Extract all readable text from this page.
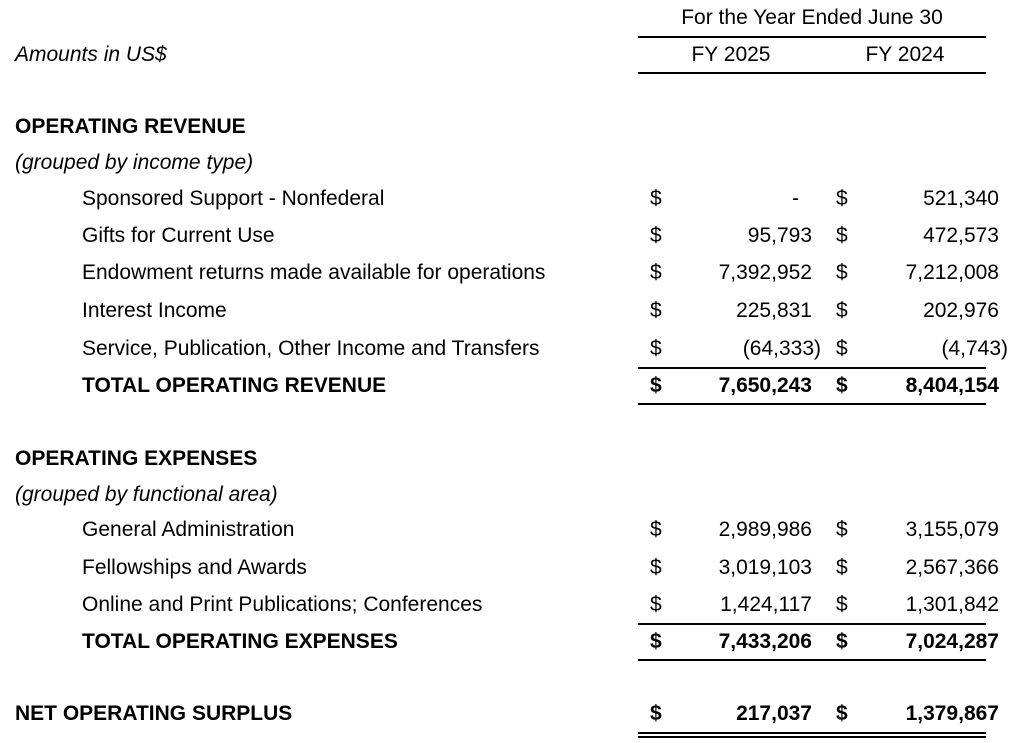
For the Year Ended June 30
Amounts in US$	FY 2025	FY 2024
OPERATING REVENUE
(grouped by income type)
Sponsored Support - Nonfederal	$	- $	521,340
Gifts for Current Use	$	95,793 $	472,573
Endowment returns made available for operations	$	7,392,952 $	7,212,008
Interest Income	$	225,831 $	202,976
Service, Publication, Other Income and Transfers	$	(64,333) $	(4,743)
TOTAL OPERATING REVENUE	$	7,650,243 $	8,404,154
OPERATING EXPENSES
(grouped by functional area)
General Administration	$	2,989,986 $	3,155,079
Fellowships and Awards	$	3,019,103 $	2,567,366
Online and Print Publications; Conferences	$	1,424,117 $	1,301,842
TOTAL OPERATING EXPENSES	$	7,433,206 $	7,024,287
NET OPERATING SURPLUS	$	217,037 $	1,379,867
